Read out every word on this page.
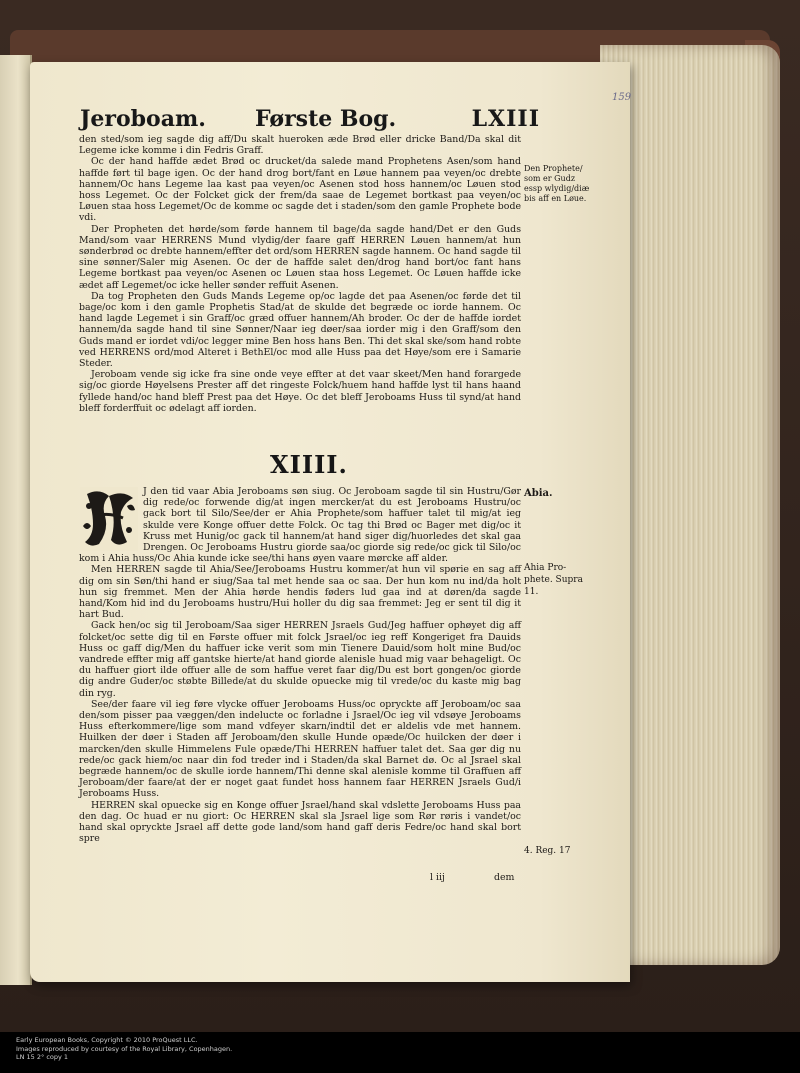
159
Jeroboam. Første Bog.	LXIII

den sted/som ieg sagde dig aff/Du skalt hueroken æde Brød eller dricke Band/Da skal dit Legeme icke komme i din Fedris Graff.

Oc der hand haffde ædet Brød oc drucket/da salede mand Prophetens Asen/som hand haffde ført til bage igen. Oc der hand drog bort/fant en Løue hannem paa veyen/oc drebte hannem/Oc hans Legeme laa kast paa veyen/oc Asenen stod hoss hannem/oc Løuen stod hoss Legemet. Oc der Folcket gick der frem/da saae de Legemet bortkast paa veyen/oc Løuen staa hoss Legemet/Oc de komme oc sagde det i staden/som den gamle Prophete bode vdi.

Der Propheten det hørde/som førde hannem til bage/da sagde hand/Det er den Guds Mand/som vaar HERRENS Mund vlydig/der faare gaff HERREN Løuen hannem/at hun sønderbrød oc drebte hannem/effter det ord/som HERREN sagde hannem. Oc hand sagde til sine sønner/Saler mig Asenen. Oc der de haffde salet den/drog hand bort/oc fant hans Legeme bortkast paa veyen/oc Asenen oc Løuen staa hoss Legemet. Oc Løuen haffde icke ædet aff Legemet/oc icke heller sønder reffuit Asenen.

Da tog Propheten den Guds Mands Legeme op/oc lagde det paa Asenen/oc førde det til bage/oc kom i den gamle Prophetis Stad/at de skulde det begræde oc iorde hannem. Oc hand lagde Legemet i sin Graff/oc græd offuer hannem/Ah broder. Oc der de haffde iordet hannem/da sagde hand til sine Sønner/Naar ieg døer/saa iorder mig i den Graff/som den Guds mand er iordet vdi/oc legger mine Ben hoss hans Ben. Thi det skal ske/som hand robte ved HERRENS ord/mod Alteret i BethEl/oc mod alle Huss paa det Høye/som ere i Samarie Steder.

Jeroboam vende sig icke fra sine onde veye effter at det vaar skeet/Men hand forargede sig/oc giorde Høyelsens Prester aff det ringeste Folck/huem hand haffde lyst til hans haand fyllede hand/oc hand bleff Prest paa det Høye. Oc det bleff Jeroboams Huss til synd/at hand bleff forderffuit oc ødelagt aff iorden.

XIIII.

J den tid vaar Abia Jeroboams søn siug. Oc Jeroboam sagde til sin Hustru/Gør dig rede/oc forwende dig/at ingen mercker/at du est Jeroboams Hustru/oc gack bort til Silo/See/der er Ahia Prophete/som haffuer talet til mig/at ieg skulde vere Konge offuer dette Folck. Oc tag thi Brød oc Bager met dig/oc it Kruss met Hunig/oc gack til hannem/at hand siger dig/huorledes det skal gaa Drengen. Oc Jeroboams Hustru giorde saa/oc giorde sig rede/oc gick til Silo/oc kom i Ahia huss/Oc Ahia kunde icke see/thi hans øyen vaare mørcke aff alder.

Men HERREN sagde til Ahia/See/Jeroboams Hustru kommer/at hun vil spørie en sag aff dig om sin Søn/thi hand er siug/Saa tal met hende saa oc saa. Der hun kom nu ind/da holt hun sig fremmet. Men der Ahia hørde hendis føders lud gaa ind at døren/da sagde hand/Kom hid ind du Jeroboams hustru/Hui holler du dig saa fremmet: Jeg er sent til dig it hart Bud.

Gack hen/oc sig til Jeroboam/Saa siger HERREN Jsraels Gud/Jeg haffuer ophøyet dig aff folcket/oc sette dig til en Første offuer mit folck Jsrael/oc ieg reff Kongeriget fra Dauids Huss oc gaff dig/Men du haffuer icke verit som min Tienere Dauid/som holt mine Bud/oc vandrede effter mig aff gantske hierte/at hand giorde alenisle huad mig vaar behageligt. Oc du haffuer giort ilde offuer alle de som haffue veret faar dig/Du est bort gongen/oc giorde dig andre Guder/oc støbte Billede/at du skulde opuecke mig til vrede/oc du kaste mig bag din ryg.

See/der faare vil ieg føre vlycke offuer Jeroboams Huss/oc opryckte aff Jeroboam/oc saa den/som pisser paa væggen/den indelucte oc forladne i Jsrael/Oc ieg vil vdsøye Jeroboams Huss efterkommere/lige som mand vdfeyer skarn/indtil det er aldelis vde met hannem. Huilken der døer i Staden aff Jeroboam/den skulle Hunde opæde/Oc huilcken der døer i marcken/den skulle Himmelens Fule opæde/Thi HERREN haffuer talet det. Saa gør dig nu rede/oc gack hiem/oc naar din fod treder ind i Staden/da skal Barnet dø. Oc al Jsrael skal begræde hannem/oc de skulle iorde hannem/Thi denne skal alenisle komme til Graffuen aff Jeroboam/der faare/at der er noget gaat fundet hoss hannem faar HERREN Jsraels Gud/i Jeroboams Huss.

HERREN skal opuecke sig en Konge offuer Jsrael/hand skal vdslette Jeroboams Huss paa den dag. Oc huad er nu giort: Oc HERREN skal sla Jsrael lige som Rør røris i vandet/oc hand skal opryckte Jsrael aff dette gode land/som hand gaff deris Fedre/oc hand skal bort spre

Den Prophete/ som er Gudz essp wlydig/diæ bis aff en Løue.
Abia.
Ahia Pro- phete. Supra 11.
4. Reg. 17
l iij	dem
Early European Books, Copyright © 2010 ProQuest LLC.
Images reproduced by courtesy of the Royal Library, Copenhagen.
LN 15 2° copy 1
